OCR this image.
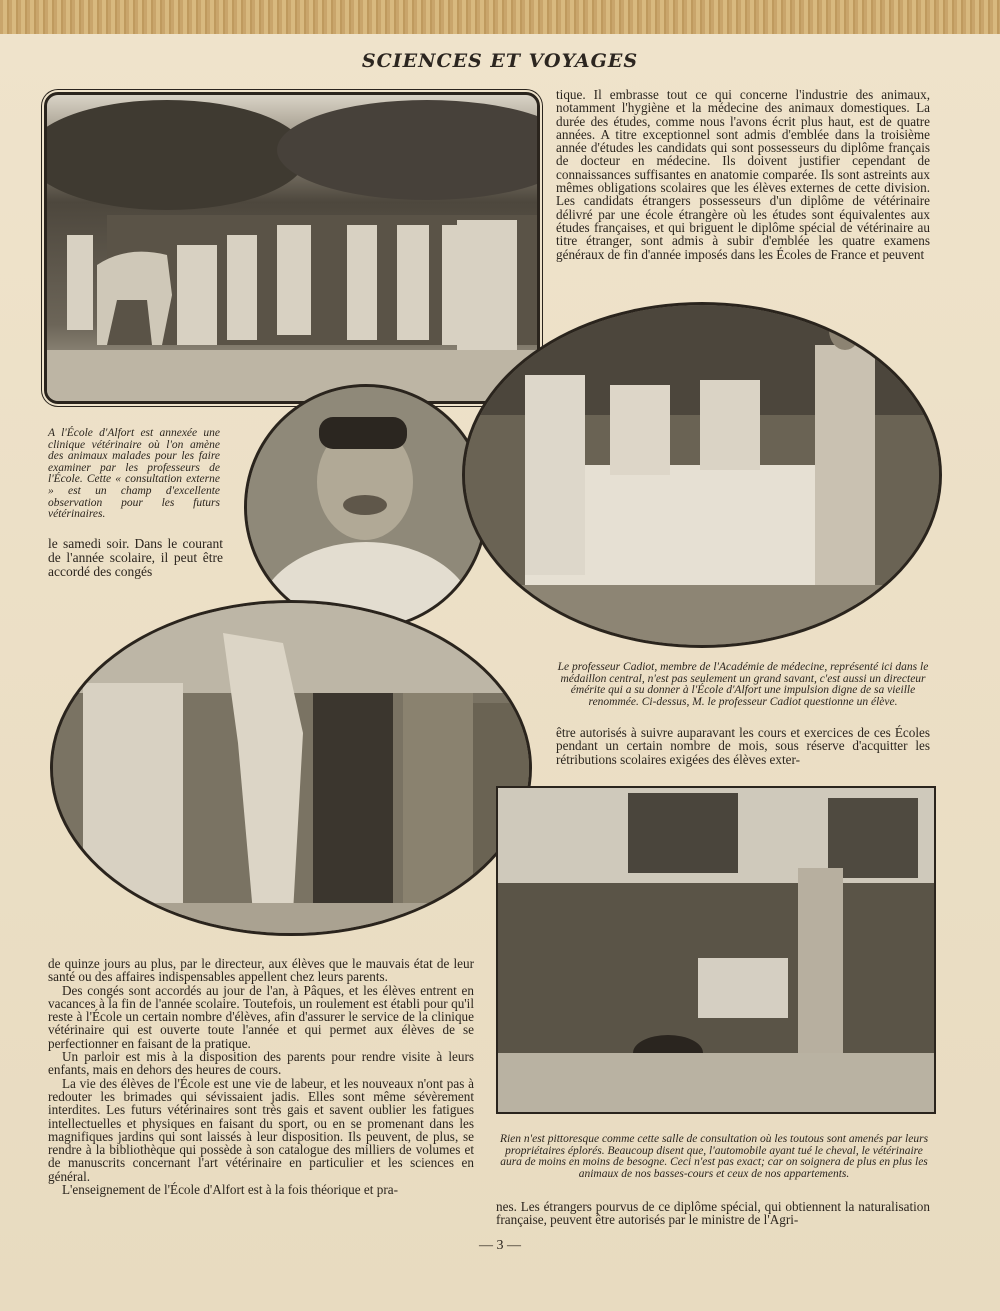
SCIENCES ET VOYAGES
tique. Il embrasse tout ce qui concerne l'industrie des animaux, notamment l'hygiène et la médecine des animaux domestiques. La durée des études, comme nous l'avons écrit plus haut, est de quatre années. A titre exceptionnel sont admis d'emblée dans la troisième année d'études les candidats qui sont possesseurs du diplôme français de docteur en médecine. Ils doivent justifier cependant de connaissances suffisantes en anatomie comparée. Ils sont astreints aux mêmes obligations scolaires que les élèves externes de cette division. Les candidats étrangers possesseurs d'un diplôme de vétérinaire délivré par une école étrangère où les études sont équivalentes aux études françaises, et qui briguent le diplôme spécial de vétérinaire au titre étranger, sont admis à subir d'emblée les quatre examens généraux de fin d'année imposés dans les Écoles de France et peuvent
A l'École d'Alfort est annexée une clinique vétérinaire où l'on amène des animaux malades pour les faire examiner par les professeurs de l'École. Cette « consultation externe » est un champ d'excellente observation pour les futurs vétérinaires.
le samedi soir. Dans le courant de l'année scolaire, il peut être accordé des congés
Le professeur Cadiot, membre de l'Académie de médecine, représenté ici dans le médaillon central, n'est pas seulement un grand savant, c'est aussi un directeur émérite qui a su donner à l'École d'Alfort une impulsion digne de sa vieille renommée. Ci-dessus, M. le professeur Cadiot questionne un élève.
être autorisés à suivre auparavant les cours et exercices de ces Écoles pendant un certain nombre de mois, sous réserve d'acquitter les rétributions scolaires exigées des élèves exter-

de quinze jours au plus, par le directeur, aux élèves que le mauvais état de leur santé ou des affaires indispensables appellent chez leurs parents.

Des congés sont accordés au jour de l'an, à Pâques, et les élèves entrent en vacances à la fin de l'année scolaire. Toutefois, un roulement est établi pour qu'il reste à l'École un certain nombre d'élèves, afin d'assurer le service de la clinique vétérinaire qui est ouverte toute l'année et qui permet aux élèves de se perfectionner en faisant de la pratique.

Un parloir est mis à la disposition des parents pour rendre visite à leurs enfants, mais en dehors des heures de cours.

La vie des élèves de l'École est une vie de labeur, et les nouveaux n'ont pas à redouter les brimades qui sévissaient jadis. Elles sont même sévèrement interdites. Les futurs vétérinaires sont très gais et savent oublier les fatigues intellectuelles et physiques en faisant du sport, ou en se promenant dans les magnifiques jardins qui sont laissés à leur disposition. Ils peuvent, de plus, se rendre à la bibliothèque qui possède à son catalogue des milliers de volumes et de manuscrits concernant l'art vétérinaire en particulier et les sciences en général.

L'enseignement de l'École d'Alfort est à la fois théorique et pra-

Rien n'est pittoresque comme cette salle de consultation où les toutous sont amenés par leurs propriétaires éplorés. Beaucoup disent que, l'automobile ayant tué le cheval, le vétérinaire aura de moins en moins de besogne. Ceci n'est pas exact; car on soignera de plus en plus les animaux de nos basses-cours et ceux de nos appartements.
nes. Les étrangers pourvus de ce diplôme spécial, qui obtiennent la naturalisation française, peuvent être autorisés par le ministre de l'Agri-
— 3 —
